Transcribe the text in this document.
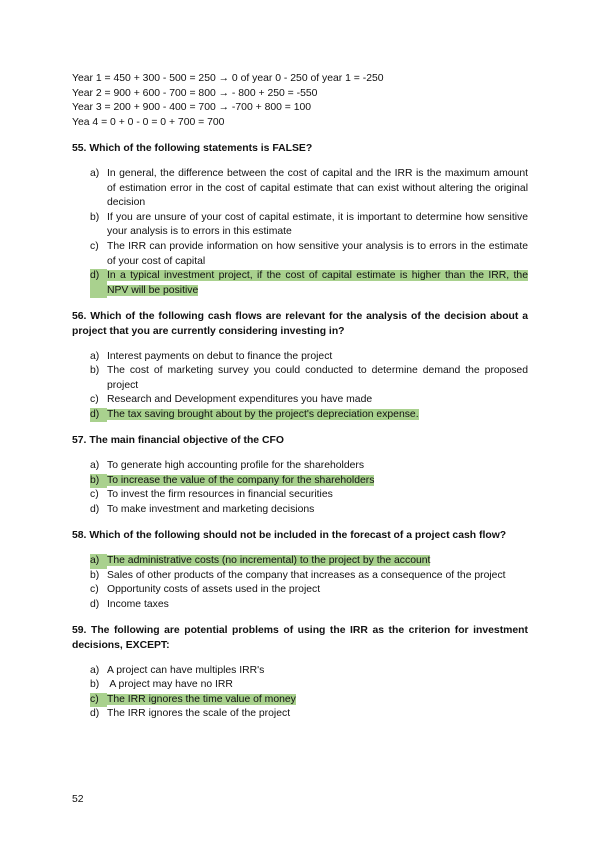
Year 1 = 450 + 300 - 500 = 250 → 0 of year 0 - 250 of year 1 = -250
Year 2 = 900 + 600 - 700 = 800 → - 800 + 250 = -550
Year 3 = 200 + 900 - 400 = 700 → -700 + 800 = 100
Yea 4 = 0 + 0 - 0 = 0 + 700 = 700
55. Which of the following statements is FALSE?
a) In general, the difference between the cost of capital and the IRR is the maximum amount of estimation error in the cost of capital estimate that can exist without altering the original decision
b) If you are unsure of your cost of capital estimate, it is important to determine how sensitive your analysis is to errors in this estimate
c) The IRR can provide information on how sensitive your analysis is to errors in the estimate of your cost of capital
d) In a typical investment project, if the cost of capital estimate is higher than the IRR, the NPV will be positive
56. Which of the following cash flows are relevant for the analysis of the decision about a project that you are currently considering investing in?
a) Interest payments on debut to finance the project
b) The cost of marketing survey you could conducted to determine demand the proposed project
c) Research and Development expenditures you have made
d) The tax saving brought about by the project's depreciation expense.
57. The main financial objective of the CFO
a) To generate high accounting profile for the shareholders
b) To increase the value of the company for the shareholders
c) To invest the firm resources in financial securities
d) To make investment and marketing decisions
58. Which of the following should not be included in the forecast of a project cash flow?
a) The administrative costs (no incremental) to the project by the account
b) Sales of other products of the company that increases as a consequence of the project
c) Opportunity costs of assets used in the project
d) Income taxes
59. The following are potential problems of using the IRR as the criterion for investment decisions, EXCEPT:
a) A project can have multiples IRR's
b) A project may have no IRR
c) The IRR ignores the time value of money
d) The IRR ignores the scale of the project
52
